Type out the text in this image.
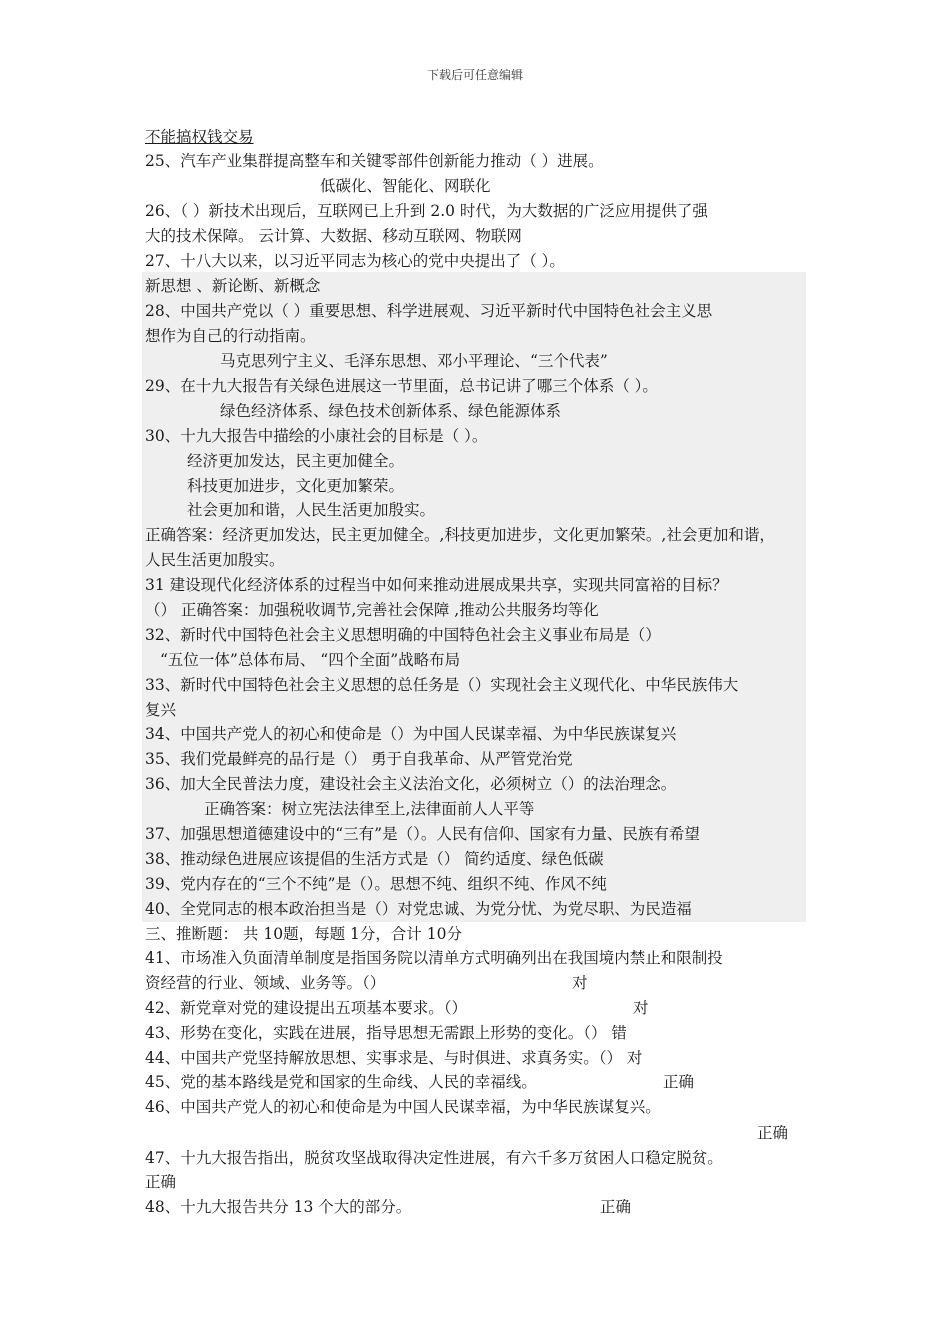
下载后可任意编辑
不能搞权钱交易
25、汽车产业集群提高整车和关键零部件创新能力推动（ ）进展。
低碳化、智能化、网联化
26、（ ）新技术出现后，互联网已上升到 2.0 时代，为大数据的广泛应用提供了强
大的技术保障。 云计算、大数据、移动互联网、物联网
27、十八大以来，以习近平同志为核心的党中央提出了（ ）。
新思想 、新论断、新概念
28、中国共产党以（ ）重要思想、科学进展观、习近平新时代中国特色社会主义思
想作为自己的行动指南。
马克思列宁主义、毛泽东思想、邓小平理论、“三个代表”
29、在十九大报告有关绿色进展这一节里面，总书记讲了哪三个体系（ ）。
绿色经济体系、绿色技术创新体系、绿色能源体系
30、十九大报告中描绘的小康社会的目标是（ ）。
经济更加发达，民主更加健全。
科技更加进步，文化更加繁荣。
社会更加和谐，人民生活更加殷实。
正确答案：经济更加发达，民主更加健全。,科技更加进步，文化更加繁荣。,社会更加和谐，
人民生活更加殷实。
31 建设现代化经济体系的过程当中如何来推动进展成果共享，实现共同富裕的目标？
（） 正确答案：加强税收调节,完善社会保障 ,推动公共服务均等化
32、新时代中国特色社会主义思想明确的中国特色社会主义事业布局是（）
“五位一体”总体布局、 “四个全面”战略布局
33、新时代中国特色社会主义思想的总任务是（）实现社会主义现代化、中华民族伟大
复兴
34、中国共产党人的初心和使命是（）为中国人民谋幸福、为中华民族谋复兴
35、我们党最鲜亮的品行是（） 勇于自我革命、从严管党治党
36、加大全民普法力度，建设社会主义法治文化，必须树立（）的法治理念。
正确答案：树立宪法法律至上,法律面前人人平等
37、加强思想道德建设中的“三有”是（）。人民有信仰、国家有力量、民族有希望
38、推动绿色进展应该提倡的生活方式是（） 简约适度、绿色低碳
39、党内存在的“三个不纯”是（）。思想不纯、组织不纯、作风不纯
40、全党同志的根本政治担当是（）对党忠诚、为党分忧、为党尽职、为民造福
三、推断题： 共 10题，每题 1分，合计 10分
41、市场准入负面清单制度是指国务院以清单方式明确列出在我国境内禁止和限制投
资经营的行业、领域、业务等。（）	对
42、新党章对党的建设提出五项基本要求。（）	对
43、形势在变化，实践在进展，指导思想无需跟上形势的变化。（） 错
44、中国共产党坚持解放思想、实事求是、与时俱进、求真务实。（） 对
45、党的基本路线是党和国家的生命线、人民的幸福线。	正确
46、中国共产党人的初心和使命是为中国人民谋幸福，为中华民族谋复兴。
正确
47、十九大报告指出，脱贫攻坚战取得决定性进展，有六千多万贫困人口稳定脱贫。
正确
48、十九大报告共分 13 个大的部分。	正确
